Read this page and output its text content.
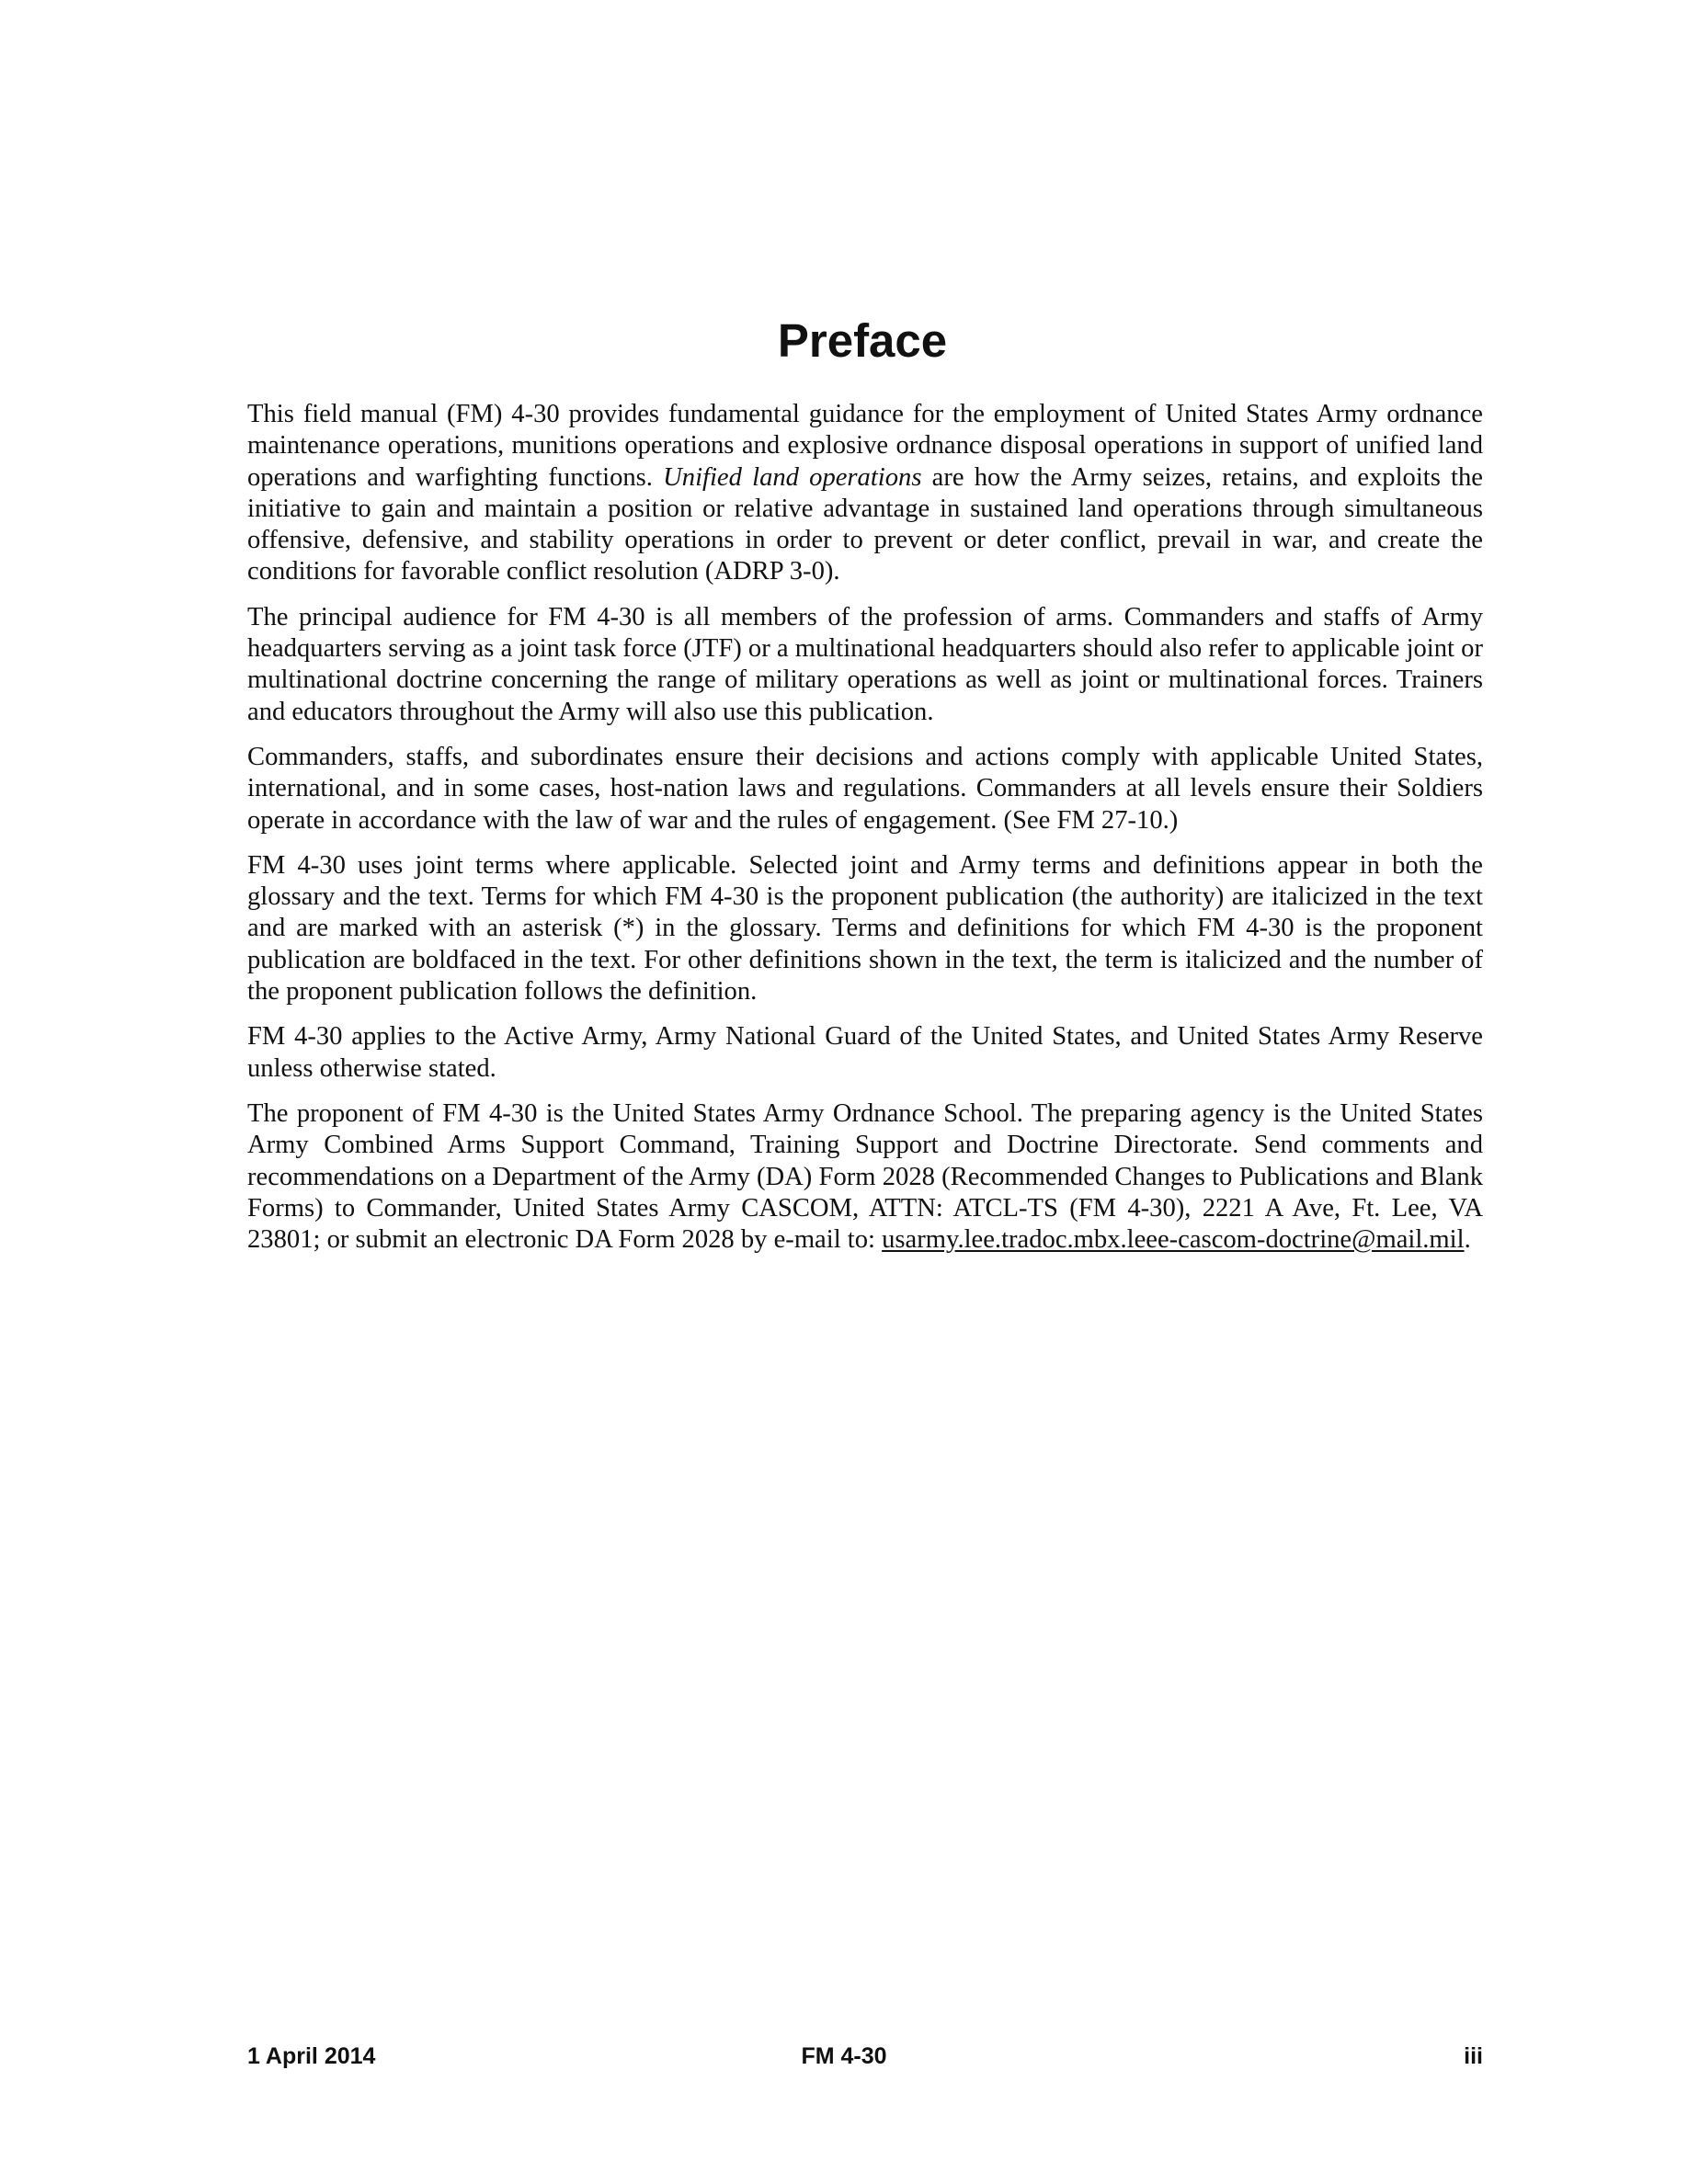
Preface

This field manual (FM) 4-30 provides fundamental guidance for the employment of United States Army ordnance maintenance operations, munitions operations and explosive ordnance disposal operations in support of unified land operations and warfighting functions. Unified land operations are how the Army seizes, retains, and exploits the initiative to gain and maintain a position or relative advantage in sustained land operations through simultaneous offensive, defensive, and stability operations in order to prevent or deter conflict, prevail in war, and create the conditions for favorable conflict resolution (ADRP 3-0).

The principal audience for FM 4-30 is all members of the profession of arms. Commanders and staffs of Army headquarters serving as a joint task force (JTF) or a multinational headquarters should also refer to applicable joint or multinational doctrine concerning the range of military operations as well as joint or multinational forces. Trainers and educators throughout the Army will also use this publication.

Commanders, staffs, and subordinates ensure their decisions and actions comply with applicable United States, international, and in some cases, host-nation laws and regulations. Commanders at all levels ensure their Soldiers operate in accordance with the law of war and the rules of engagement. (See FM 27-10.)

FM 4-30 uses joint terms where applicable. Selected joint and Army terms and definitions appear in both the glossary and the text. Terms for which FM 4-30 is the proponent publication (the authority) are italicized in the text and are marked with an asterisk (*) in the glossary. Terms and definitions for which FM 4-30 is the proponent publication are boldfaced in the text. For other definitions shown in the text, the term is italicized and the number of the proponent publication follows the definition.

FM 4-30 applies to the Active Army, Army National Guard of the United States, and United States Army Reserve unless otherwise stated.

The proponent of FM 4-30 is the United States Army Ordnance School. The preparing agency is the United States Army Combined Arms Support Command, Training Support and Doctrine Directorate. Send comments and recommendations on a Department of the Army (DA) Form 2028 (Recommended Changes to Publications and Blank Forms) to Commander, United States Army CASCOM, ATTN: ATCL-TS (FM 4-30), 2221 A Ave, Ft. Lee, VA 23801; or submit an electronic DA Form 2028 by e-mail to: usarmy.lee.tradoc.mbx.leee-cascom-doctrine@mail.mil.

1 April 2014	FM 4-30	iii
